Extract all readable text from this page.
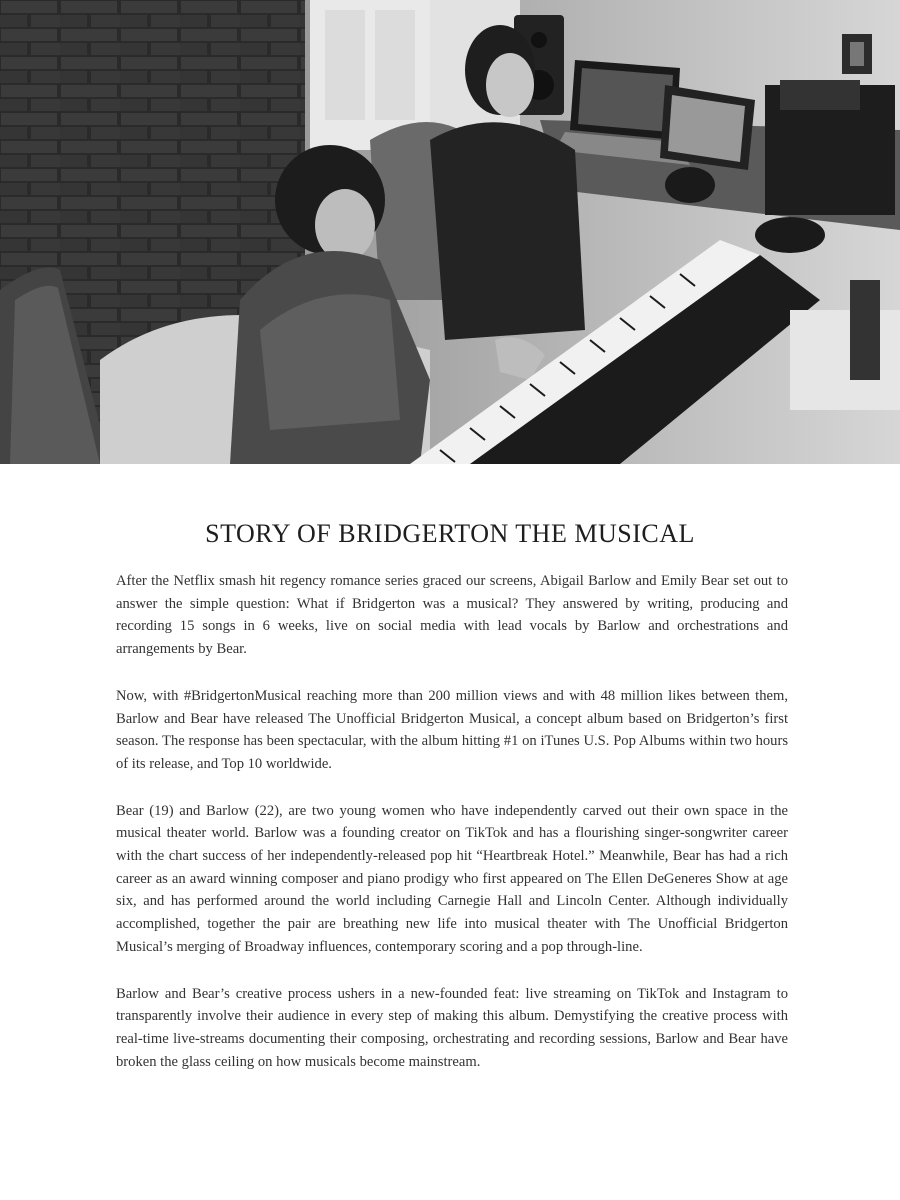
STORY OF BRIDGERTON THE MUSICAL

After the Netflix smash hit regency romance series graced our screens, Abigail Barlow and Emily Bear set out to answer the simple question: What if Bridgerton was a musical? They answered by writing, producing and recording 15 songs in 6 weeks, live on social media with lead vocals by Barlow and orchestrations and arrangements by Bear.

Now, with #BridgertonMusical reaching more than 200 million views and with 48 million likes between them, Barlow and Bear have released The Unofficial Bridgerton Musical, a concept album based on Bridgerton’s first season. The response has been spectacular, with the album hitting #1 on iTunes U.S. Pop Albums within two hours of its release, and Top 10 worldwide.

Bear (19) and Barlow (22), are two young women who have independently carved out their own space in the musical theater world. Barlow was a founding creator on TikTok and has a flourishing singer-songwriter career with the chart success of her independently-released pop hit “Heartbreak Hotel.” Meanwhile, Bear has had a rich career as an award winning composer and piano prodigy who first appeared on The Ellen DeGeneres Show at age six, and has performed around the world including Carnegie Hall and Lincoln Center. Although individually accomplished, together the pair are breathing new life into musical theater with The Unofficial Bridgerton Musical’s merging of Broadway influences, contemporary scoring and a pop through-line.

Barlow and Bear’s creative process ushers in a new-founded feat: live streaming on TikTok and Instagram to transparently involve their audience in every step of making this album. Demystifying the creative process with real-time live-streams documenting their composing, orchestrating and recording sessions, Barlow and Bear have broken the glass ceiling on how musicals become mainstream.
